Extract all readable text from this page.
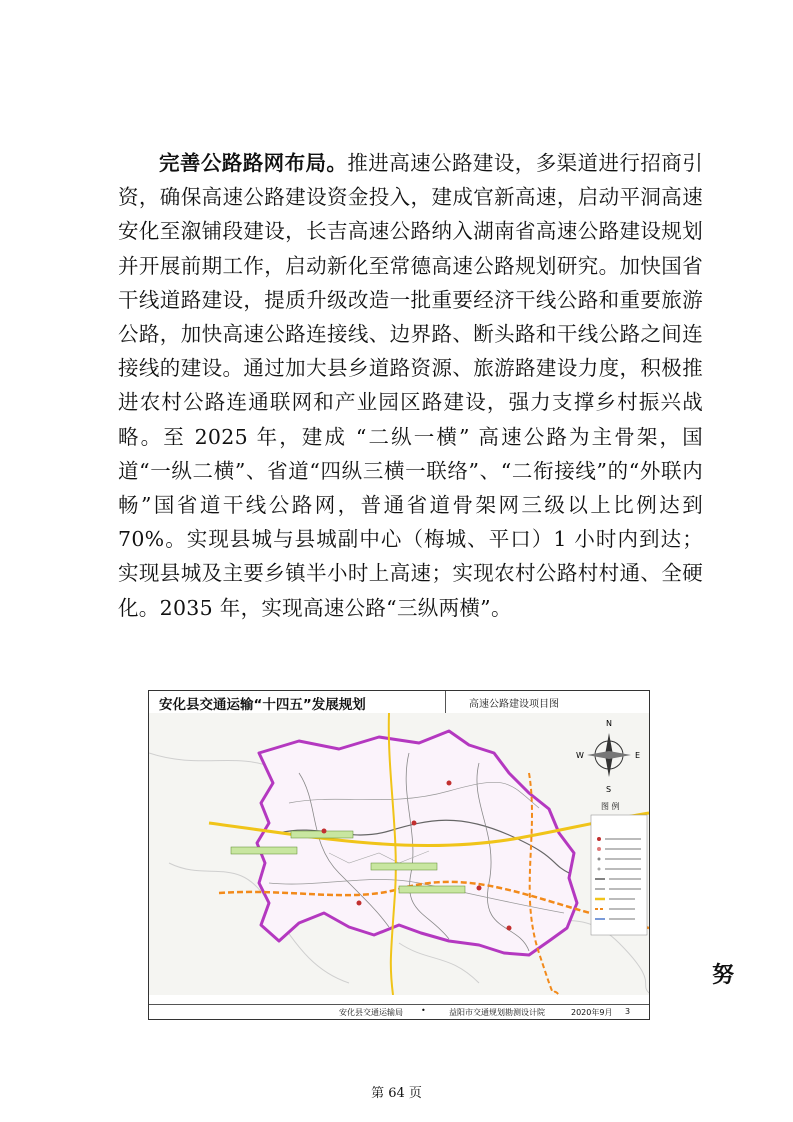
完善公路路网布局。推进高速公路建设，多渠道进行招商引资，确保高速公路建设资金投入，建成官新高速，启动平洞高速安化至溆铺段建设，长吉高速公路纳入湖南省高速公路建设规划并开展前期工作，启动新化至常德高速公路规划研究。加快国省干线道路建设，提质升级改造一批重要经济干线公路和重要旅游公路，加快高速公路连接线、边界路、断头路和干线公路之间连接线的建设。通过加大县乡道路资源、旅游路建设力度，积极推进农村公路连通联网和产业园区路建设，强力支撑乡村振兴战略。至 2025 年，建成 “二纵一横” 高速公路为主骨架，国道“一纵二横”、省道“四纵三横一联络”、“二衔接线”的“外联内畅”国省道干线公路网，普通省道骨架网三级以上比例达到 70%。实现县城与县城副中心（梅城、平口）1 小时内到达；实现县城及主要乡镇半小时上高速；实现农村公路村村通、全硬化。2035 年，实现高速公路“三纵两横”。
安化县交通运输“十四五”发展规划	高速公路建设项目图
N
S
E
W
图 例
安化县交通运输局 •	益阳市交通规划勘测设计院	2020年9月 3
努
第 64 页
